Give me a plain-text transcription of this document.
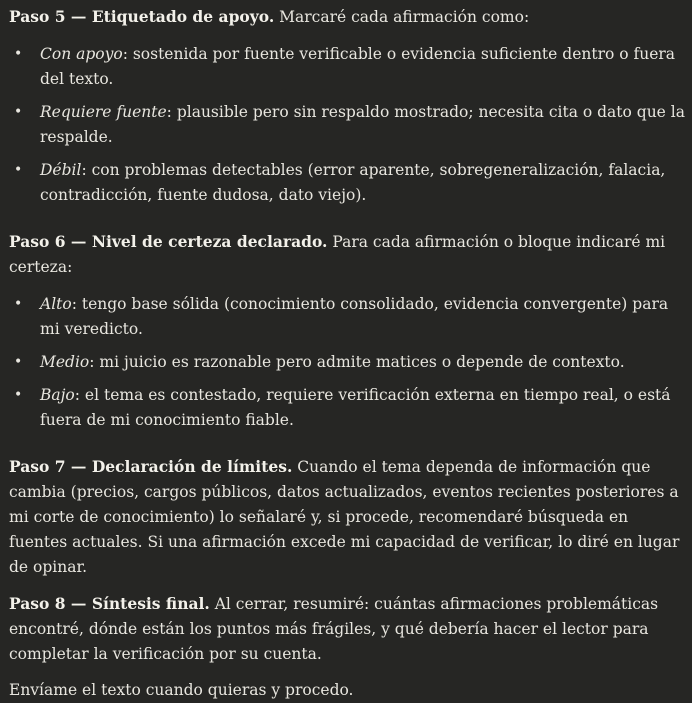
Paso 5 — Etiquetado de apoyo. Marcaré cada afirmación como:

• Con apoyo: sostenida por fuente verificable o evidencia suficiente dentro o fuera del texto.
• Requiere fuente: plausible pero sin respaldo mostrado; necesita cita o dato que la respalde.
• Débil: con problemas detectables (error aparente, sobregeneralización, falacia, contradicción, fuente dudosa, dato viejo).

Paso 6 — Nivel de certeza declarado. Para cada afirmación o bloque indicaré mi certeza:

• Alto: tengo base sólida (conocimiento consolidado, evidencia convergente) para mi veredicto.
• Medio: mi juicio es razonable pero admite matices o depende de contexto.
• Bajo: el tema es contestado, requiere verificación externa en tiempo real, o está fuera de mi conocimiento fiable.

Paso 7 — Declaración de límites. Cuando el tema dependa de información que cambia (precios, cargos públicos, datos actualizados, eventos recientes posteriores a mi corte de conocimiento) lo señalaré y, si procede, recomendaré búsqueda en fuentes actuales. Si una afirmación excede mi capacidad de verificar, lo diré en lugar de opinar.

Paso 8 — Síntesis final. Al cerrar, resumiré: cuántas afirmaciones problemáticas encontré, dónde están los puntos más frágiles, y qué debería hacer el lector para completar la verificación por su cuenta.

Envíame el texto cuando quieras y procedo.
